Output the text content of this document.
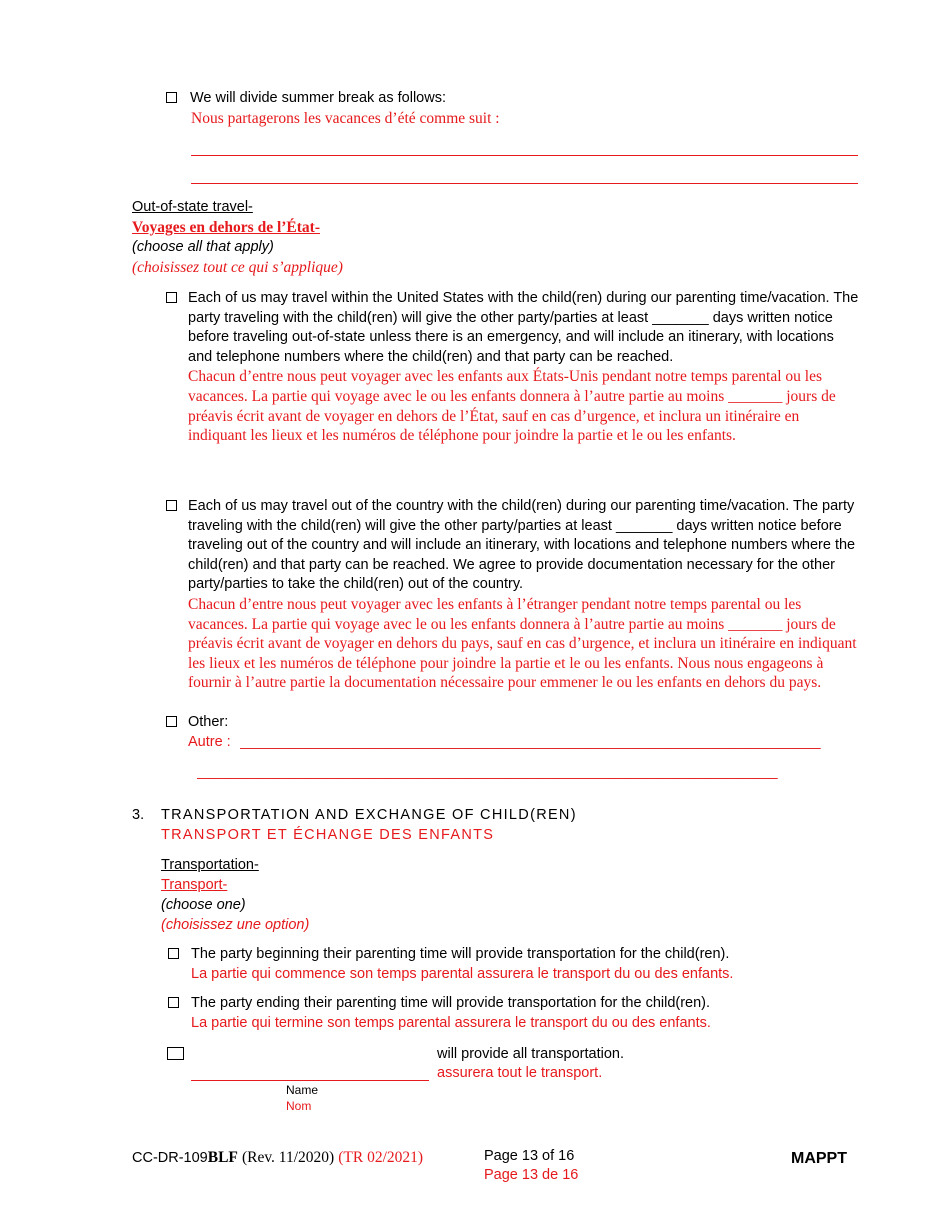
We will divide summer break as follows:
Nous partagerons les vacances d’été comme suit :
Out-of-state travel-
Voyages en dehors de l’État-
(choose all that apply)
(choisissez tout ce qui s’applique)

Each of us may travel within the United States with the child(ren) during our parenting time/vacation. The party traveling with the child(ren) will give the other party/parties at least _______ days written notice before traveling out-of-state unless there is an emergency, and will include an itinerary, with locations and telephone numbers where the child(ren) and that party can be reached.

Chacun d’entre nous peut voyager avec les enfants aux États-Unis pendant notre temps parental ou les vacances. La partie qui voyage avec le ou les enfants donnera à l’autre partie au moins _______ jours de préavis écrit avant de voyager en dehors de l’État, sauf en cas d’urgence, et inclura un itinéraire en indiquant les lieux et les numéros de téléphone pour joindre la partie et le ou les enfants.

Each of us may travel out of the country with the child(ren) during our parenting time/vacation. The party traveling with the child(ren) will give the other party/parties at least _______ days written notice before traveling out of the country and will include an itinerary, with locations and telephone numbers where the child(ren) and that party can be reached. We agree to provide documentation necessary for the other party/parties to take the child(ren) out of the country.

Chacun d’entre nous peut voyager avec les enfants à l’étranger pendant notre temps parental ou les vacances. La partie qui voyage avec le ou les enfants donnera à l’autre partie au moins _______ jours de préavis écrit avant de voyager en dehors du pays, sauf en cas d’urgence, et inclura un itinéraire en indiquant les lieux et les numéros de téléphone pour joindre la partie et le ou les enfants. Nous nous engageons à fournir à l’autre partie la documentation nécessaire pour emmener le ou les enfants en dehors du pays.

Other:
Autre : ________________________________________________________________________
________________________________________________________________________
3. TRANSPORTATION AND EXCHANGE OF CHILD(REN)
TRANSPORT ET ÉCHANGE DES ENFANTS
Transportation-
Transport-
(choose one)
(choisissez une option)
The party beginning their parenting time will provide transportation for the child(ren).
La partie qui commence son temps parental assurera le transport du ou des enfants.
The party ending their parenting time will provide transportation for the child(ren).
La partie qui termine son temps parental assurera le transport du ou des enfants.
will provide all transportation.
assurera tout le transport.
Name
Nom
CC-DR-109BLF (Rev. 11/2020) (TR 02/2021)	Page 13 of 16
Page 13 de 16
MAPPT
